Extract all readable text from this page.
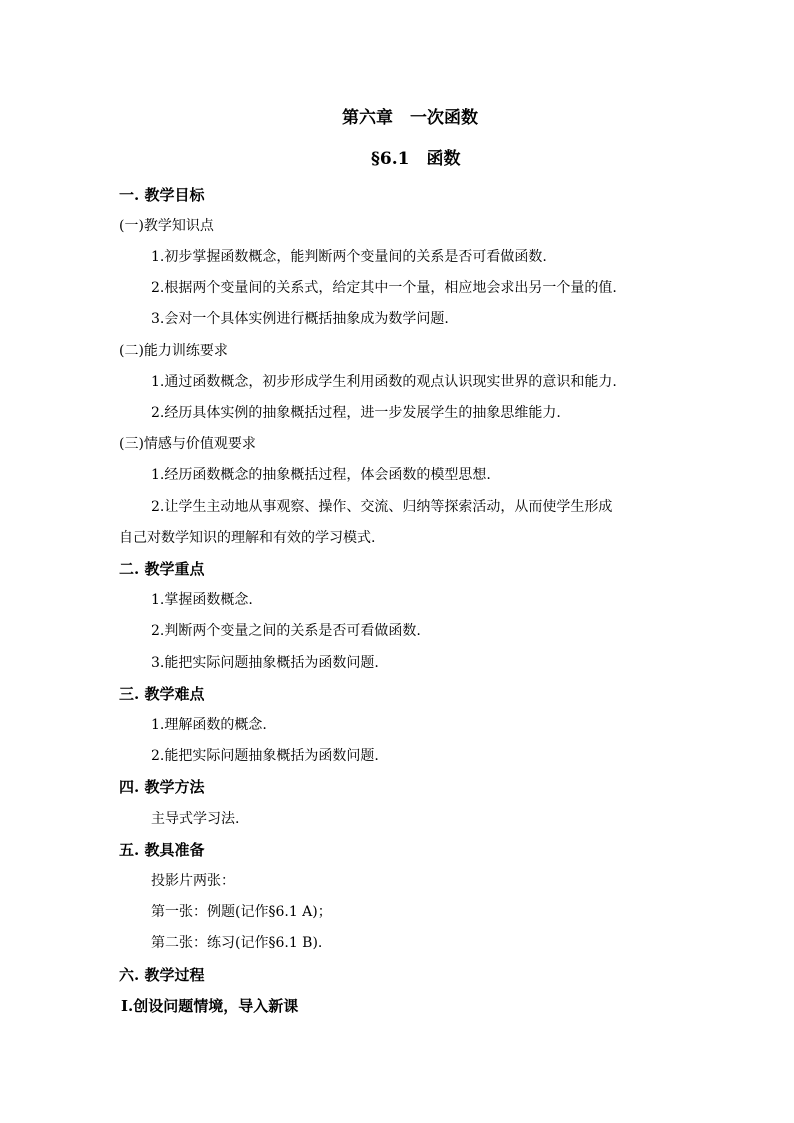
第六章　一次函数
§6.1　函数
一. 教学目标
(一)教学知识点
1.初步掌握函数概念，能判断两个变量间的关系是否可看做函数.
2.根据两个变量间的关系式，给定其中一个量，相应地会求出另一个量的值.
3.会对一个具体实例进行概括抽象成为数学问题.
(二)能力训练要求
1.通过函数概念，初步形成学生利用函数的观点认识现实世界的意识和能力.
2.经历具体实例的抽象概括过程，进一步发展学生的抽象思维能力.
(三)情感与价值观要求
1.经历函数概念的抽象概括过程，体会函数的模型思想.
2.让学生主动地从事观察、操作、交流、归纳等探索活动，从而使学生形成
自己对数学知识的理解和有效的学习模式.
二. 教学重点
1.掌握函数概念.
2.判断两个变量之间的关系是否可看做函数.
3.能把实际问题抽象概括为函数问题.
三. 教学难点
1.理解函数的概念.
2.能把实际问题抽象概括为函数问题.
四. 教学方法
主导式学习法.
五. 教具准备
投影片两张：
第一张：例题(记作§6.1 A)；
第二张：练习(记作§6.1 B).
六. 教学过程
Ⅰ.创设问题情境，导入新课
